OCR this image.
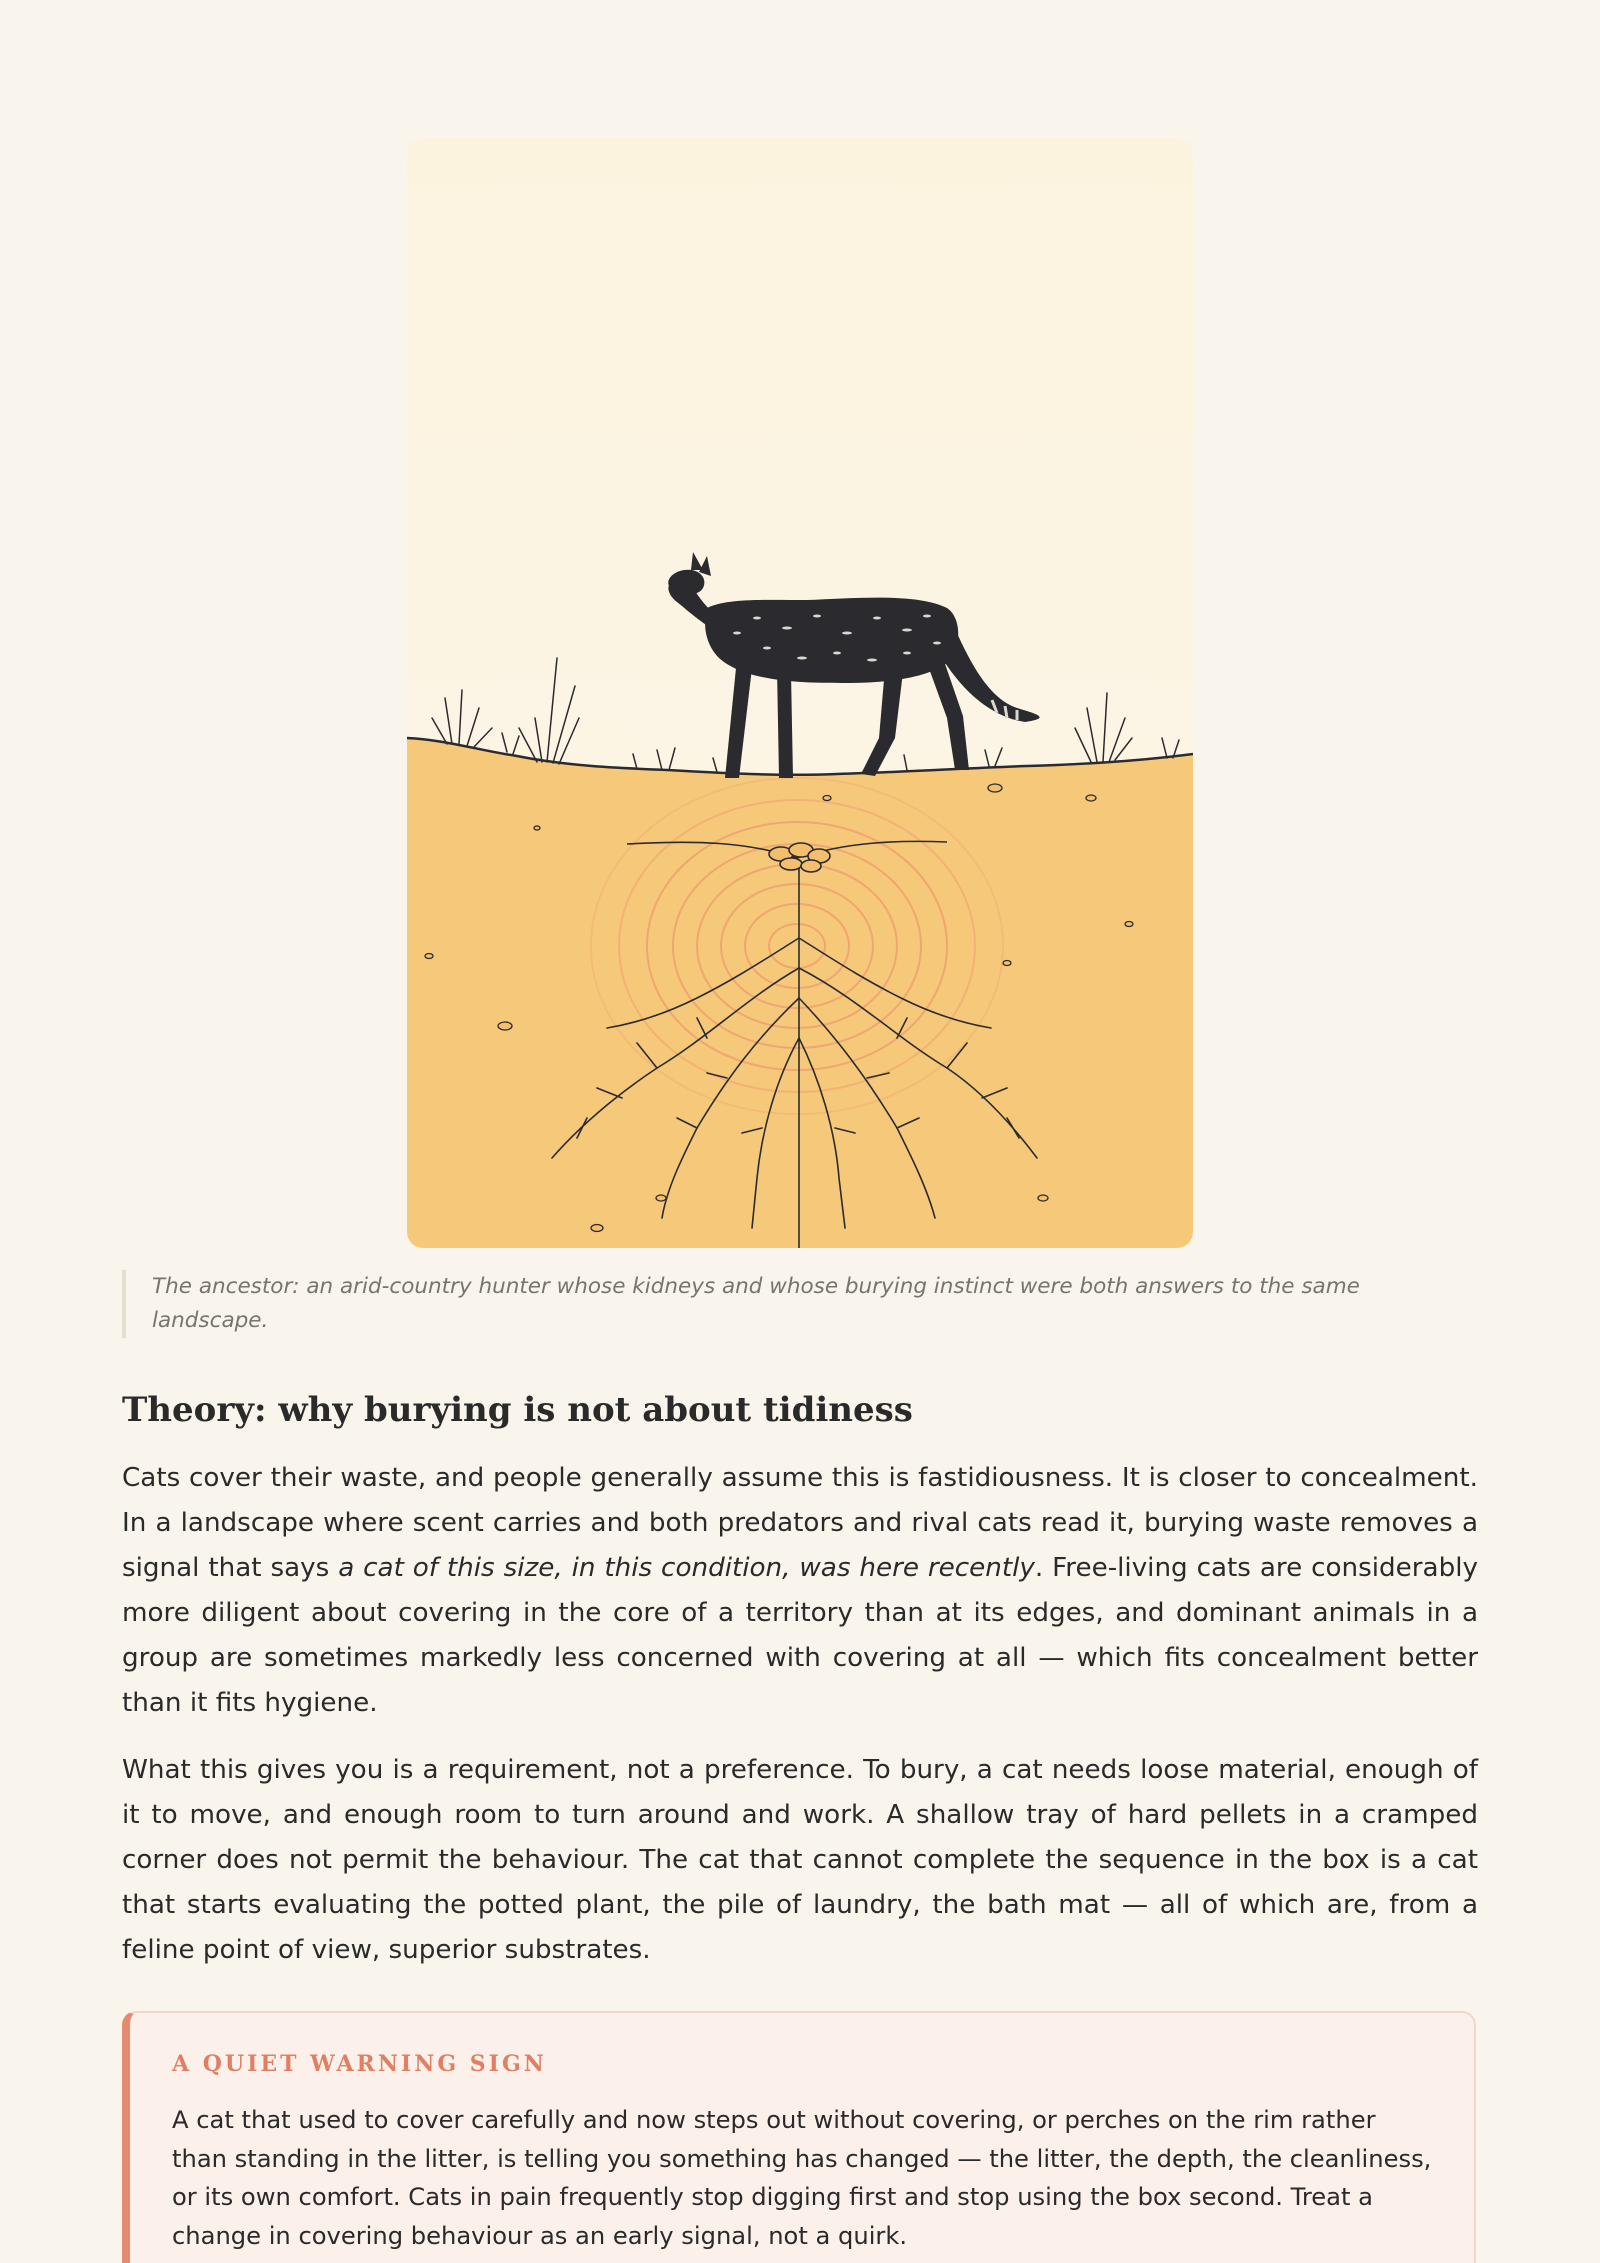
The ancestor: an arid-country hunter whose kidneys and whose burying instinct were both answers to the same landscape.
Theory: why burying is not about tidiness

Cats cover their waste, and people generally assume this is fastidiousness. It is closer to concealment. In a landscape where scent carries and both predators and rival cats read it, burying waste removes a signal that says a cat of this size, in this condition, was here recently. Free-living cats are considerably more diligent about covering in the core of a territory than at its edges, and dominant animals in a group are sometimes markedly less concerned with covering at all — which fits concealment better than it fits hygiene.

What this gives you is a requirement, not a preference. To bury, a cat needs loose material, enough of it to move, and enough room to turn around and work. A shallow tray of hard pellets in a cramped corner does not permit the behaviour. The cat that cannot complete the sequence in the box is a cat that starts evaluating the potted plant, the pile of laundry, the bath mat — all of which are, from a feline point of view, superior substrates.

A QUIET WARNING SIGN

A cat that used to cover carefully and now steps out without covering, or perches on the rim rather than standing in the litter, is telling you something has changed — the litter, the depth, the cleanliness, or its own comfort. Cats in pain frequently stop digging first and stop using the box second. Treat a change in covering behaviour as an early signal, not a quirk.
